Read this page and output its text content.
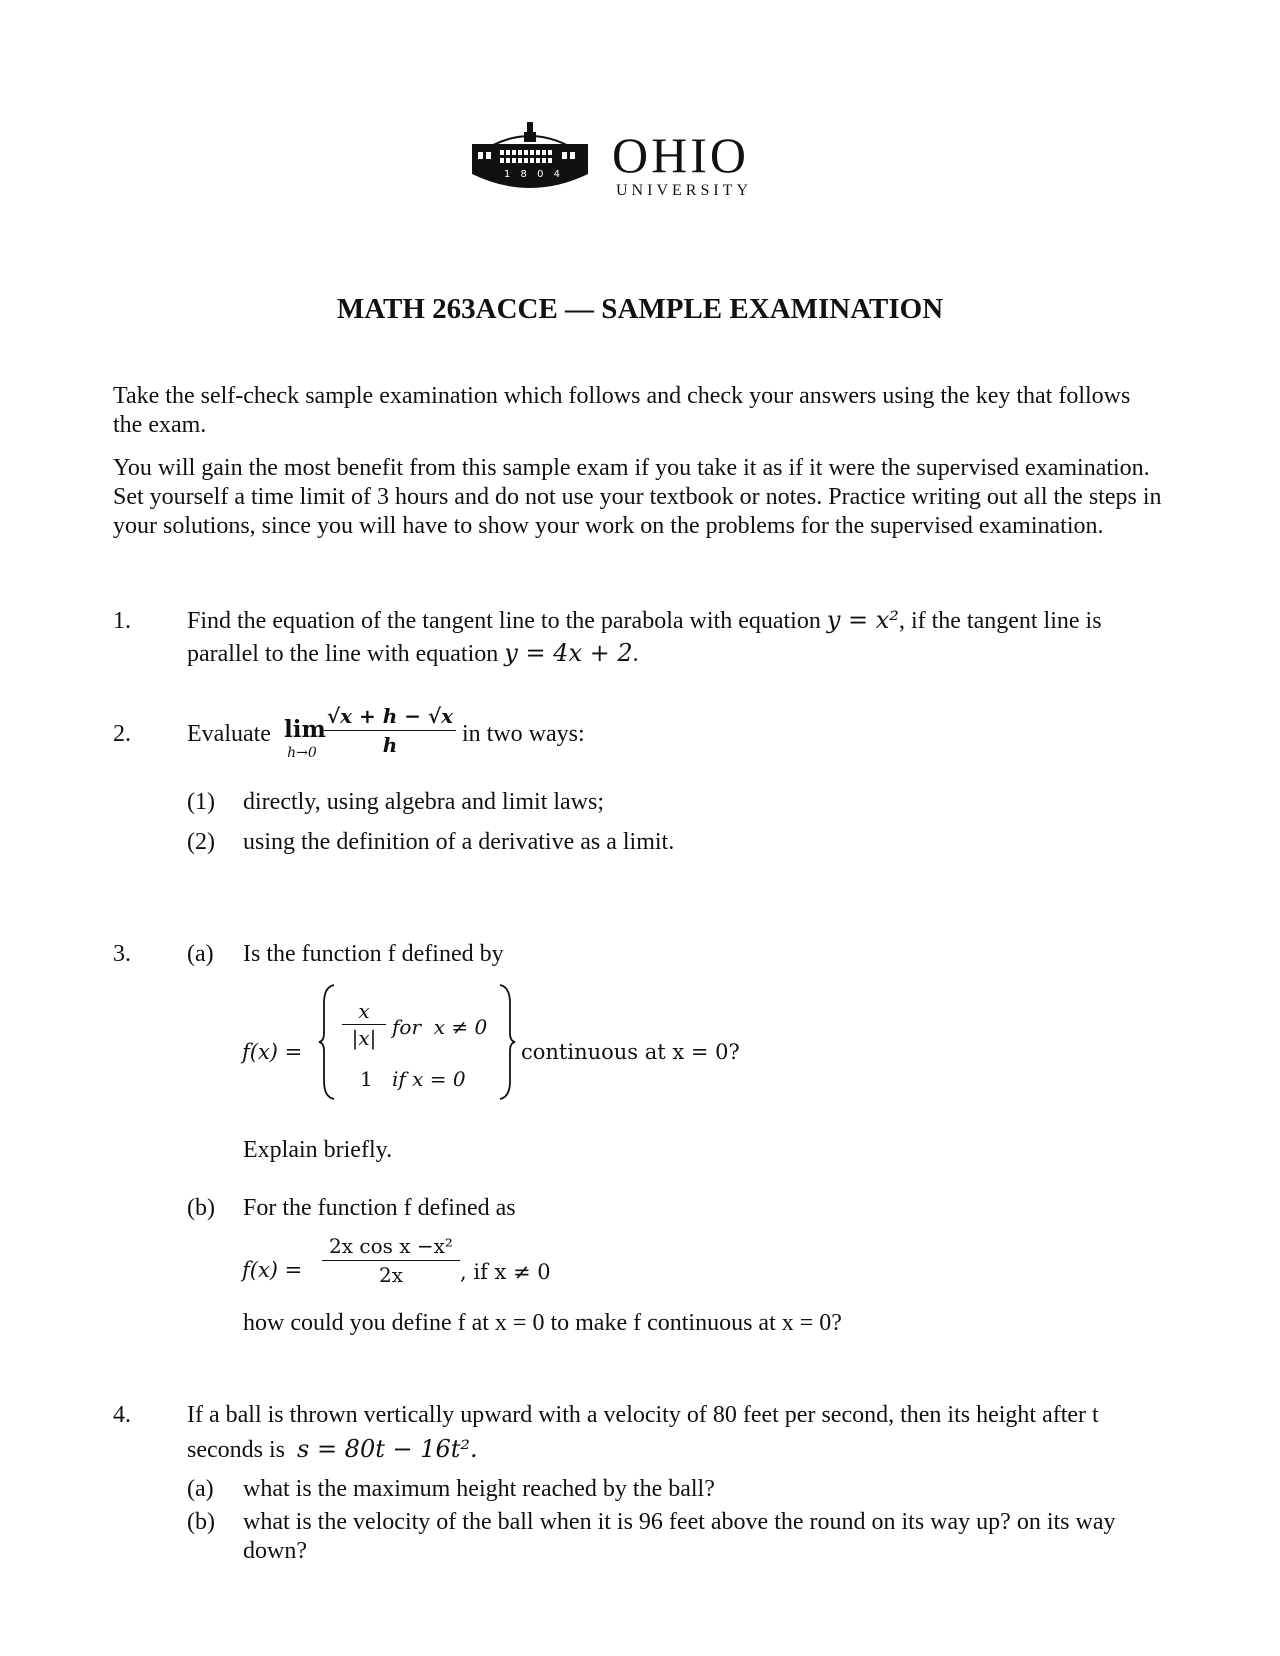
1 8 0 4 OHIO
UNIVERSITY
MATH 263ACCE — SAMPLE EXAMINATION
Take the self-check sample examination which follows and check your answers using the key that follows the exam.
You will gain the most benefit from this sample exam if you take it as if it were the supervised examination. Set yourself a time limit of 3 hours and do not use your textbook or notes. Practice writing out all the steps in your solutions, since you will have to show your work on the problems for the supervised examination.
1. Find the equation of the tangent line to the parabola with equation y = x², if the tangent line is
parallel to the line with equation y = 4x + 2.
2. Evaluate lim
h→0
√x + h − √x
h	in two ways:
(1) directly, using algebra and limit laws;
(2) using the definition of a derivative as a limit.
3. (a) Is the function f defined by
f(x) =
x
|x| for  x ≠ 0
1 if x = 0
continuous at x = 0?
Explain briefly.
(b) For the function f defined as
f(x) =
2x cos x −x²
2x	, if x ≠ 0
how could you define f at x = 0 to make f continuous at x = 0?
4. If a ball is thrown vertically upward with a velocity of 80 feet per second, then its height after t
seconds is s = 80t − 16t².
(a) what is the maximum height reached by the ball?
(b) what is the velocity of the ball when it is 96 feet above the round on its way up? on its way down?
